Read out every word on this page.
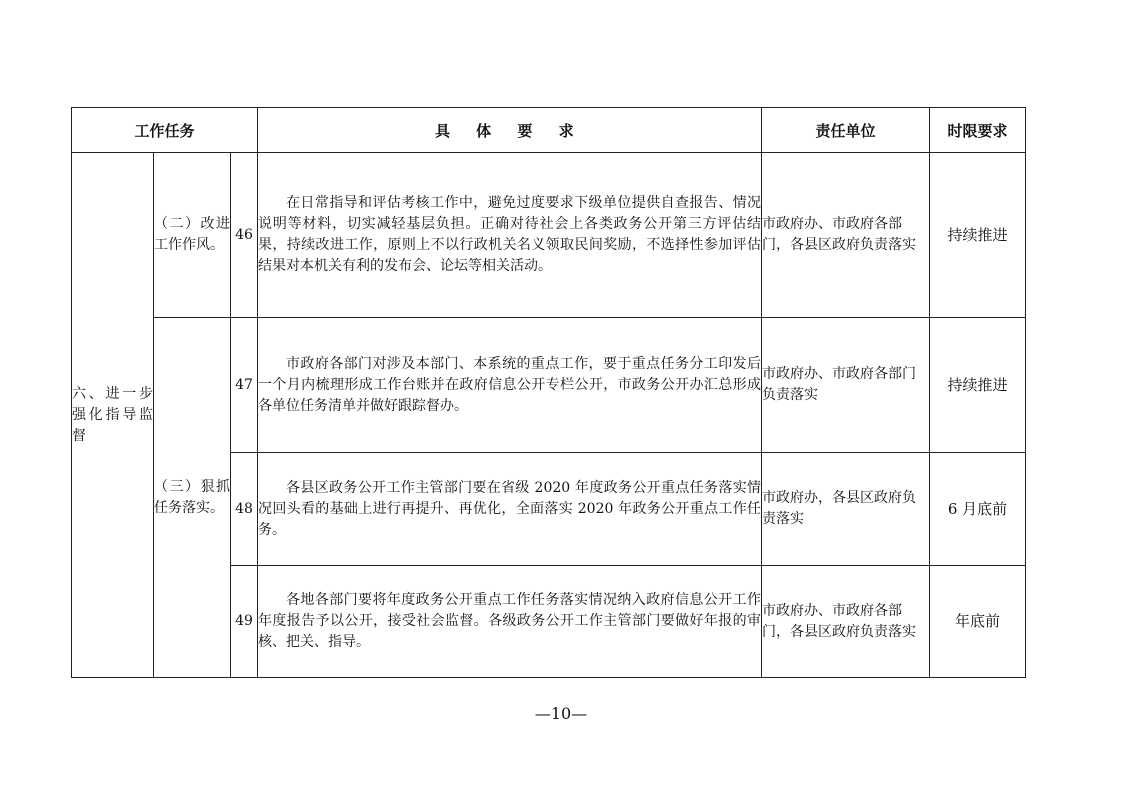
工作任务			具 体 要 求	责任单位	时限要求
六、进一步强化指导监督	（二）改进工作作风。	46	在日常指导和评估考核工作中，避免过度要求下级单位提供自查报告、情况说明等材料，切实减轻基层负担。正确对待社会上各类政务公开第三方评估结果，持续改进工作，原则上不以行政机关名义领取民间奖励，不选择性参加评估结果对本机关有利的发布会、论坛等相关活动。	市政府办、市政府各部门，各县区政府负责落实	持续推进
	（三）狠抓任务落实。	47	市政府各部门对涉及本部门、本系统的重点工作，要于重点任务分工印发后一个月内梳理形成工作台账并在政府信息公开专栏公开，市政务公开办汇总形成各单位任务清单并做好跟踪督办。	市政府办、市政府各部门负责落实	持续推进
		48	各县区政务公开工作主管部门要在省级 2020 年度政务公开重点任务落实情况回头看的基础上进行再提升、再优化，全面落实 2020 年政务公开重点工作任务。	市政府办，各县区政府负责落实	6 月底前
		49	各地各部门要将年度政务公开重点工作任务落实情况纳入政府信息公开工作年度报告予以公开，接受社会监督。各级政务公开工作主管部门要做好年报的审核、把关、指导。	市政府办、市政府各部门，各县区政府负责落实	年底前
—10—
